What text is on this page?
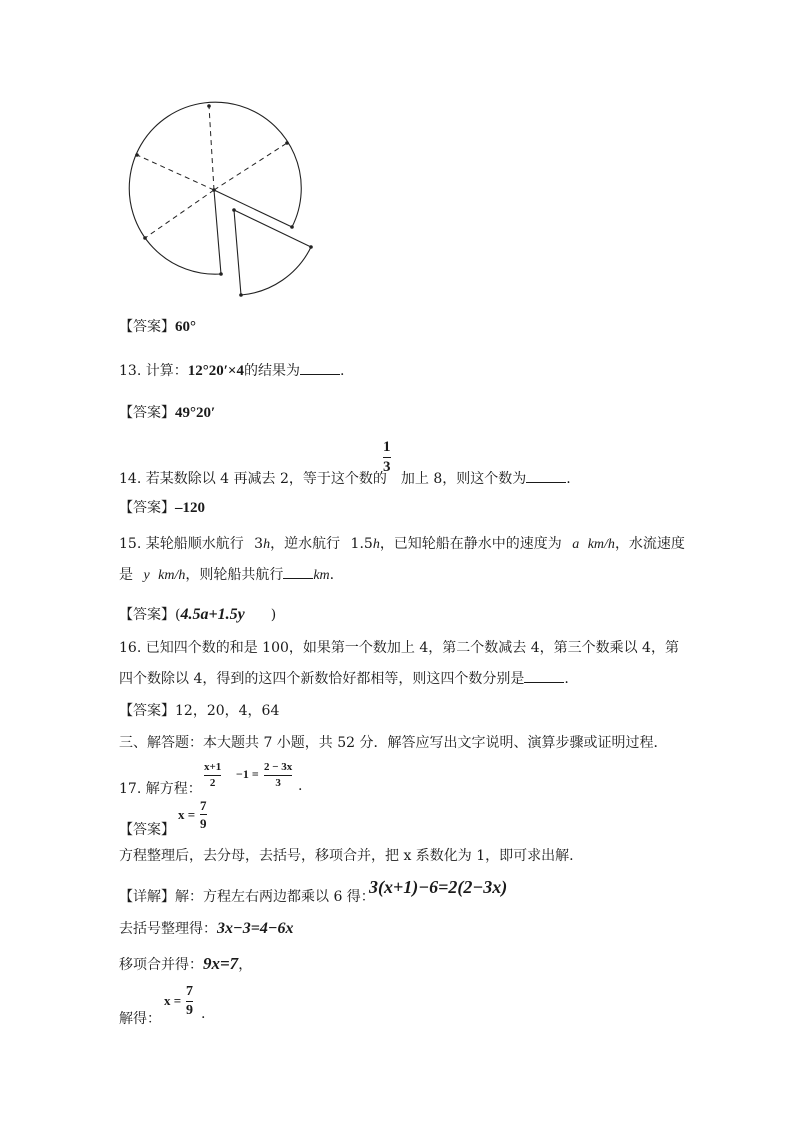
【答案】60°
13. 计算：12°20′×4的结果为	.
【答案】49°20′
1
3
14. 若某数除以 4 再减去 2，等于这个数的 加上 8，则这个数为	.
【答案】–120
15. 某轮船顺水航行 3h，逆水航行 1.5h，已知轮船在静水中的速度为 a km/h，水流速度
是 y km/h，则轮船共航行 km.
【答案】(4.5a+1.5y )
16. 已知四个数的和是 100，如果第一个数加上 4，第二个数减去 4，第三个数乘以 4，第
四个数除以 4，得到的这四个新数恰好都相等，则这四个数分别是	.
【答案】12，20，4，64
三、解答题：本大题共 7 小题，共 52 分．解答应写出文字说明、演算步骤或证明过程．
x+1
2
−1 = 2 − 3x
3
17. 解方程：	.
x =
7
9
【答案】
方程整理后，去分母，去括号，移项合并，把 x 系数化为 1，即可求出解.
【详解】解：方程左右两边都乘以 6 得：
3(x+1)−6=2(2−3x)
去括号整理得：3x−3=4−6x
移项合并得：9x=7，
x =
7
9
解得：	.
